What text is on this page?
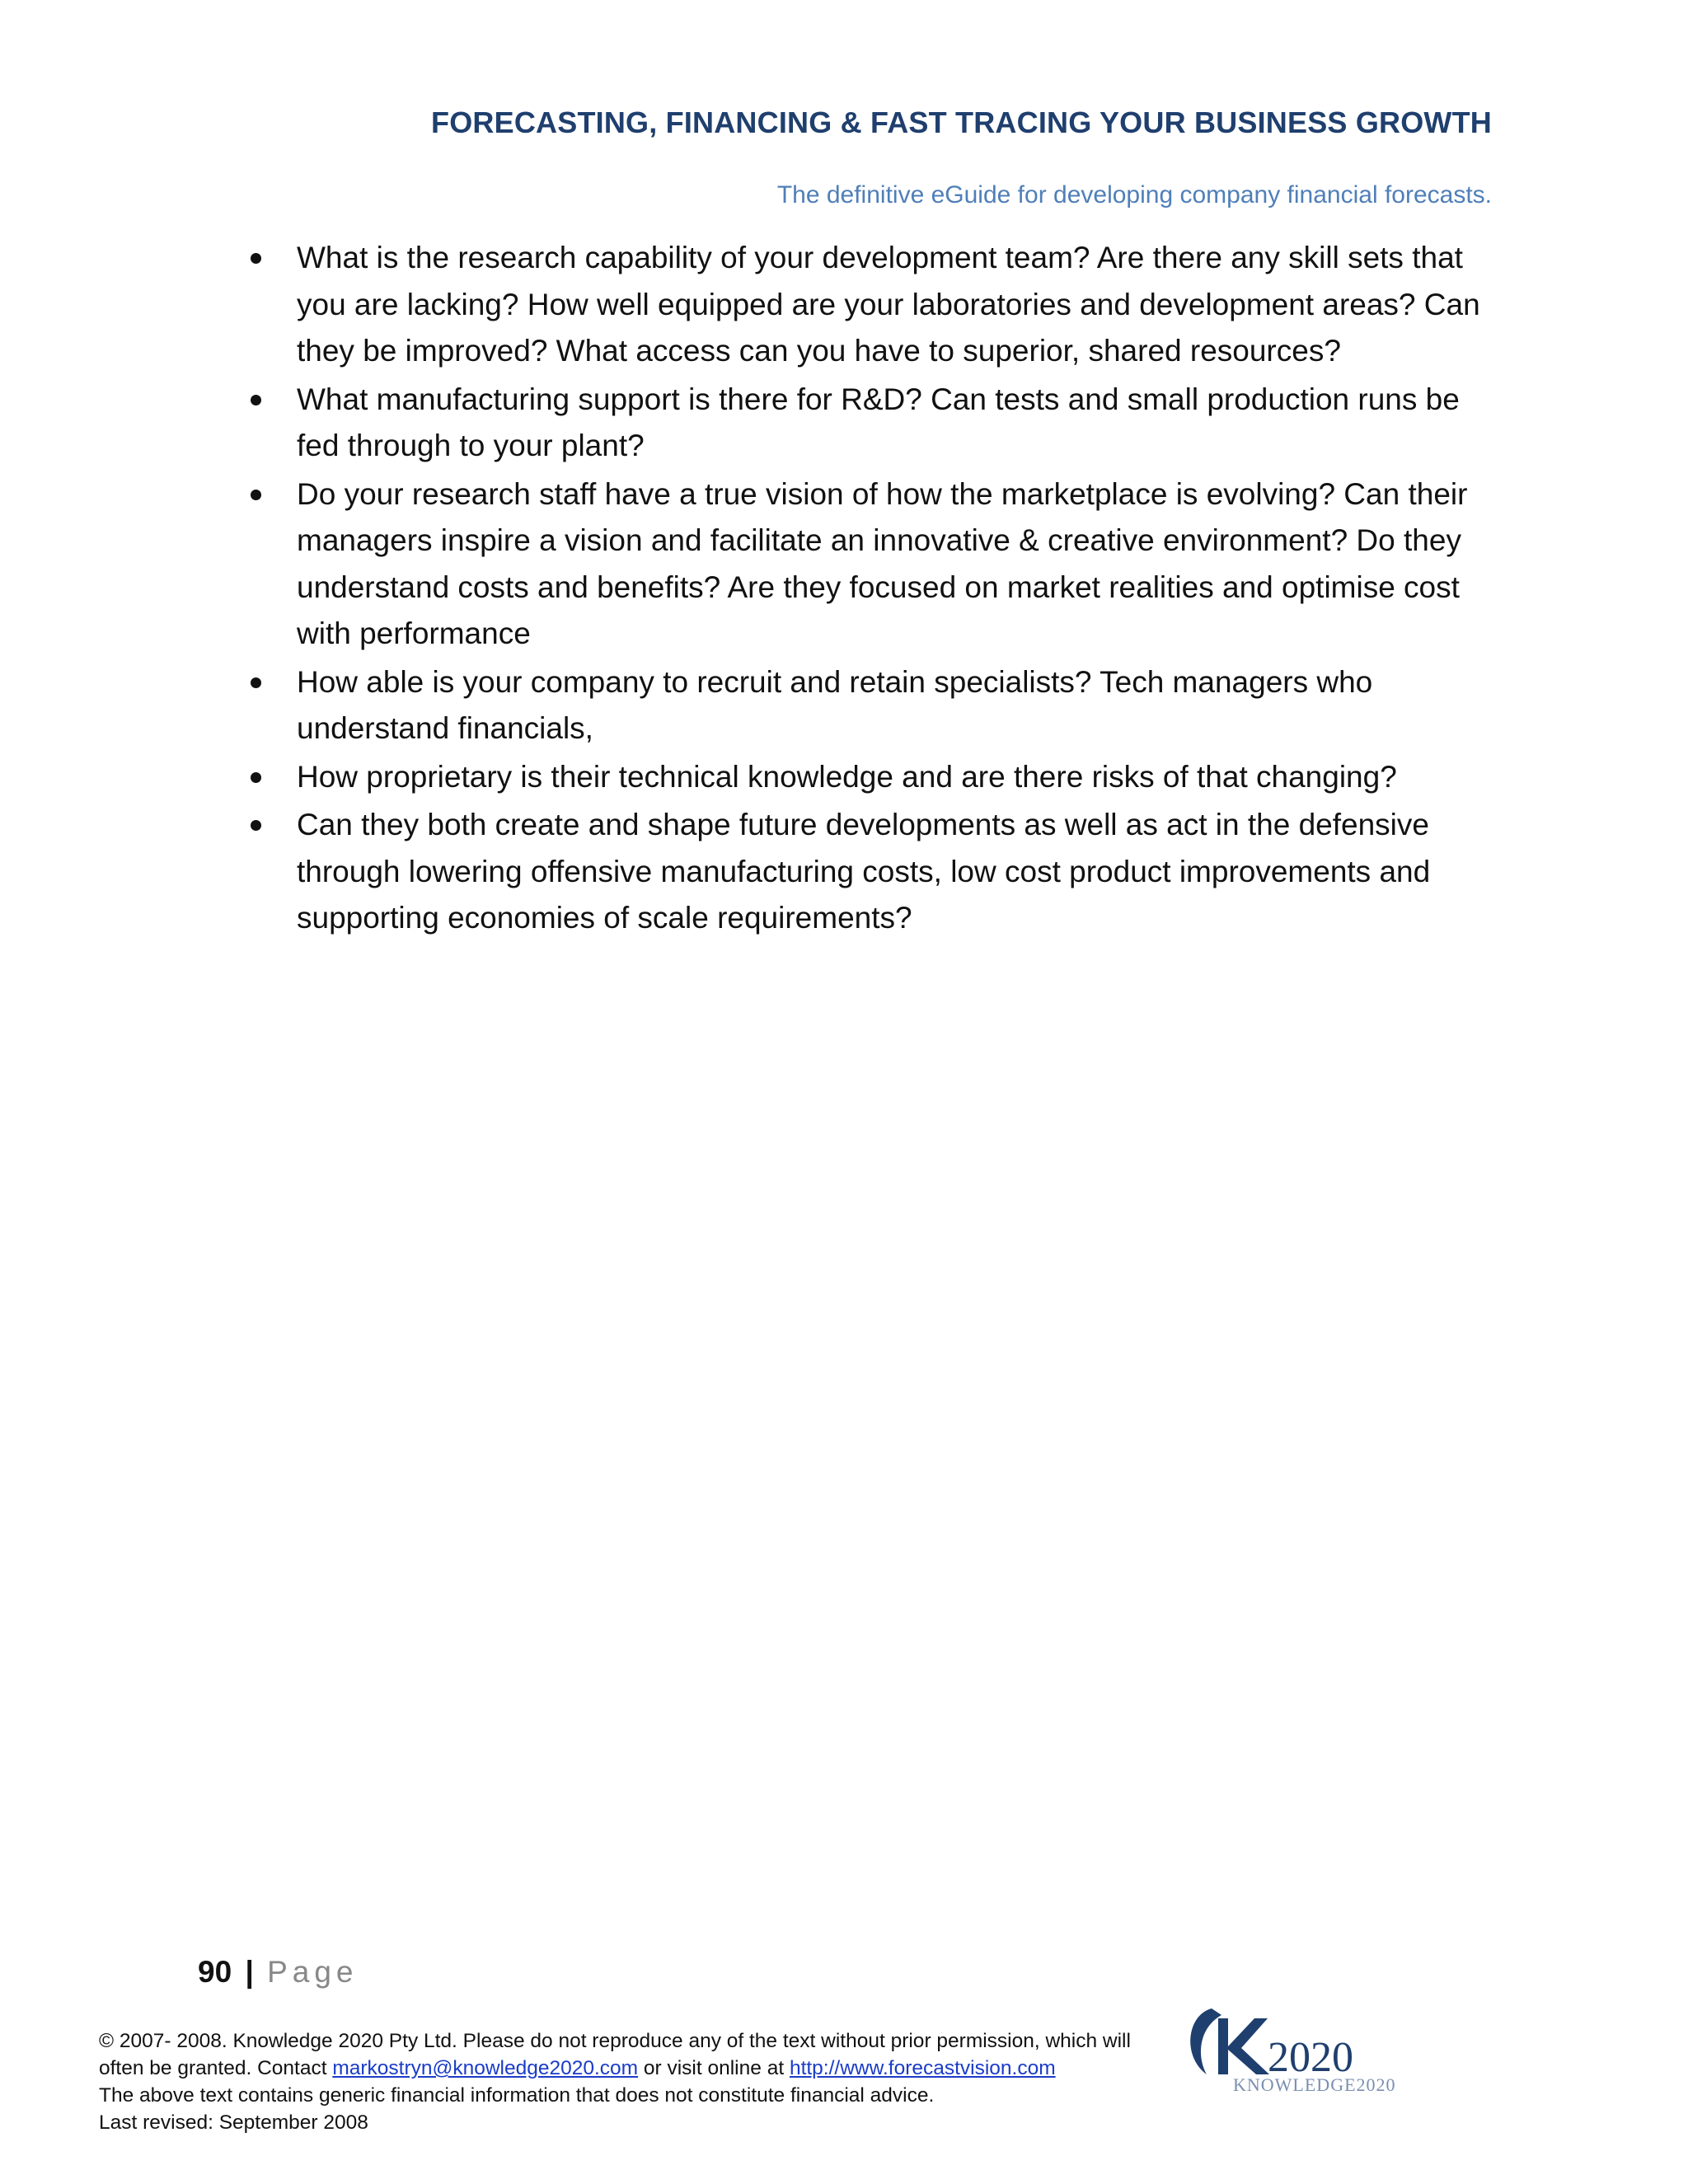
FORECASTING, FINANCING & FAST TRACING YOUR BUSINESS GROWTH
The definitive eGuide for developing company financial forecasts.
What is the research capability of your development team? Are there any skill sets that you are lacking? How well equipped are your laboratories and development areas? Can they be improved? What access can you have to superior, shared resources?
What manufacturing support is there for R&D? Can tests and small production runs be fed through to your plant?
Do your research staff have a true vision of how the marketplace is evolving? Can their managers inspire a vision and facilitate an innovative & creative environment? Do they understand costs and benefits? Are they focused on market realities and optimise cost with performance
How able is your company to recruit and retain specialists? Tech managers who understand financials,
How proprietary is their technical knowledge and are there risks of that changing?
Can they both create and shape future developments as well as act in the defensive through lowering offensive manufacturing costs, low cost product improvements and supporting economies of scale requirements?
90 | Page
© 2007- 2008. Knowledge 2020 Pty Ltd. Please do not reproduce any of the text without prior permission, which will often be granted. Contact markostryn@knowledge2020.com or visit online at http://www.forecastvision.com
The above text contains generic financial information that does not constitute financial advice.
Last revised: September 2008
2020
KNOWLEDGE2020
